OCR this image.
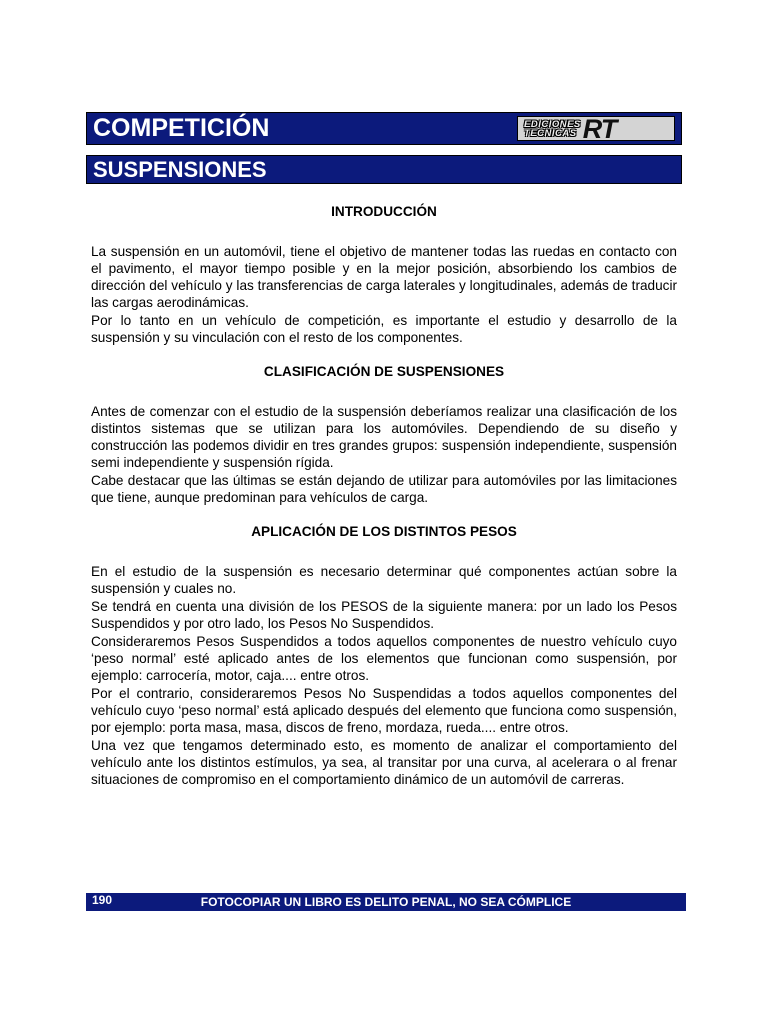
COMPETICIÓN	EDICIONES
TECNICAS RT
SUSPENSIONES

INTRODUCCIÓN

La suspensión en un automóvil, tiene el objetivo de mantener todas las ruedas en contacto con el pavimento, el mayor tiempo posible y en la mejor posición, absorbiendo los cambios de dirección del vehículo y las transferencias de carga laterales y longitudinales, además de traducir las cargas aerodinámicas.

Por lo tanto en un vehículo de competición, es importante el estudio y desarrollo de la suspensión y su vinculación con el resto de los componentes.

CLASIFICACIÓN DE SUSPENSIONES

Antes de comenzar con el estudio de la suspensión deberíamos realizar una clasificación de los distintos sistemas que se utilizan para los automóviles. Dependiendo de su diseño y construcción las podemos dividir en tres grandes grupos: suspensión independiente, suspensión semi independiente y suspensión rígida.

Cabe destacar que las últimas se están dejando de utilizar para automóviles por las limitaciones que tiene, aunque predominan para vehículos de carga.

APLICACIÓN DE LOS DISTINTOS PESOS

En el estudio de la suspensión es necesario determinar qué componentes actúan sobre la suspensión y cuales no.

Se tendrá en cuenta una división de los PESOS de la siguiente manera: por un lado los Pesos Suspendidos y por otro lado, los Pesos No Suspendidos.

Consideraremos Pesos Suspendidos a todos aquellos componentes de nuestro vehículo cuyo ‘peso normal’ esté aplicado antes de los elementos que funcionan como suspensión, por ejemplo: carrocería, motor, caja.... entre otros.

Por el contrario, consideraremos Pesos No Suspendidas a todos aquellos componentes del vehículo cuyo ‘peso normal’ está aplicado después del elemento que funciona como suspensión, por ejemplo: porta masa, masa, discos de freno, mordaza, rueda.... entre otros.

Una vez que tengamos determinado esto, es momento de analizar el comportamiento del vehículo ante los distintos estímulos, ya sea, al transitar por una curva, al acelerara o al frenar situaciones de compromiso en el comportamiento dinámico de un automóvil de carreras.

190	FOTOCOPIAR UN LIBRO ES DELITO PENAL, NO SEA CÓMPLICE
